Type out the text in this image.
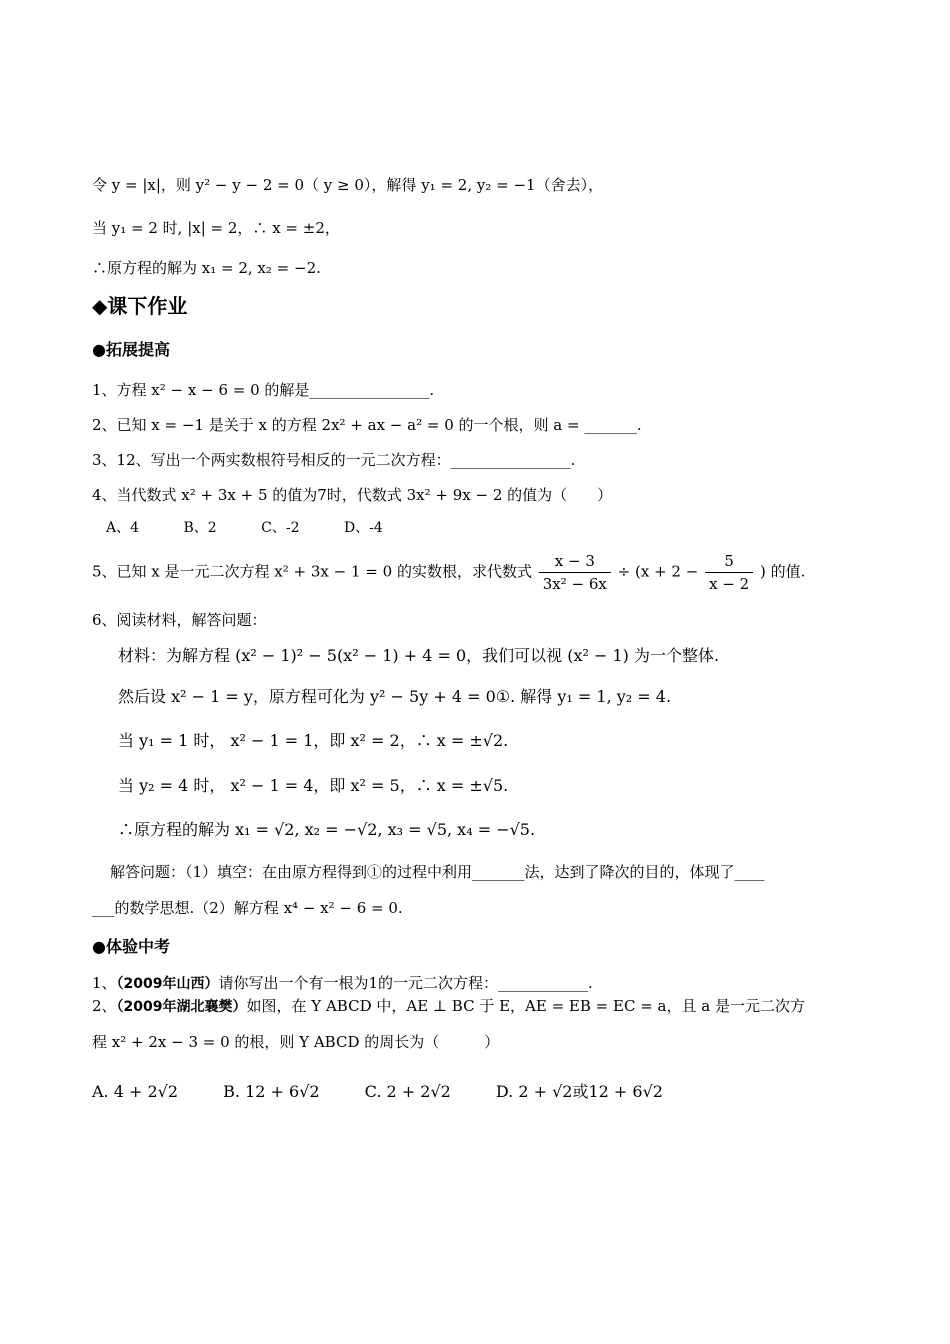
令 y = |x|，则 y² − y − 2 = 0（ y ≥ 0），解得 y₁ = 2, y₂ = −1（舍去），
当 y₁ = 2 时, |x| = 2，∴ x = ±2，
∴原方程的解为 x₁ = 2, x₂ = −2.
◆课下作业
●拓展提高
1、方程 x² − x − 6 = 0 的解是________________.
2、已知 x = −1 是关于 x 的方程 2x² + ax − a² = 0 的一个根，则 a = _______.
3、12、写出一个两实数根符号相反的一元二次方程：________________.
4、当代数式 x² + 3x + 5 的值为7时，代数式 3x² + 9x − 2 的值为（　　）
A、4	B、2	C、-2	D、-4
5、已知 x 是一元二次方程 x² + 3x − 1 = 0 的实数根，求代数式 $\frac{x - 3}{\text{3x² − 6x}} \div (x + 2 - \frac{5}{x - 2}$ ) 的值.
6、阅读材料，解答问题：
材料：为解方程 (x² − 1)² − 5(x² − 1) + 4 = 0，我们可以视 (x² − 1) 为一个整体.
然后设 x² − 1 = y，原方程可化为 y² − 5y + 4 = 0①. 解得 y₁ = 1, y₂ = 4.
当 y₁ = 1 时， x² − 1 = 1，即 x² = 2，∴ x = ±√2.
当 y₂ = 4 时， x² − 1 = 4，即 x² = 5，∴ x = ±√5.
∴原方程的解为 x₁ = √2, x₂ = −√2, x₃ = √5, x₄ = −√5.
解答问题：（1）填空：在由原方程得到①的过程中利用_______法，达到了降次的目的，体现了____
___的数学思想.（2）解方程 x⁴ − x² − 6 = 0.
●体验中考
1、（2009年山西）请你写出一个有一根为1的一元二次方程：____________.
2、（2009年湖北襄樊）如图，在 Y ABCD 中，AE ⊥ BC 于 E，AE = EB = EC = a，且 a 是一元二次方
程 x² + 2x − 3 = 0 的根，则 Y ABCD 的周长为（　　　）
A. 4 + 2√2	B. 12 + 6√2	C. 2 + 2√2	D. 2 + √2或12 + 6√2
